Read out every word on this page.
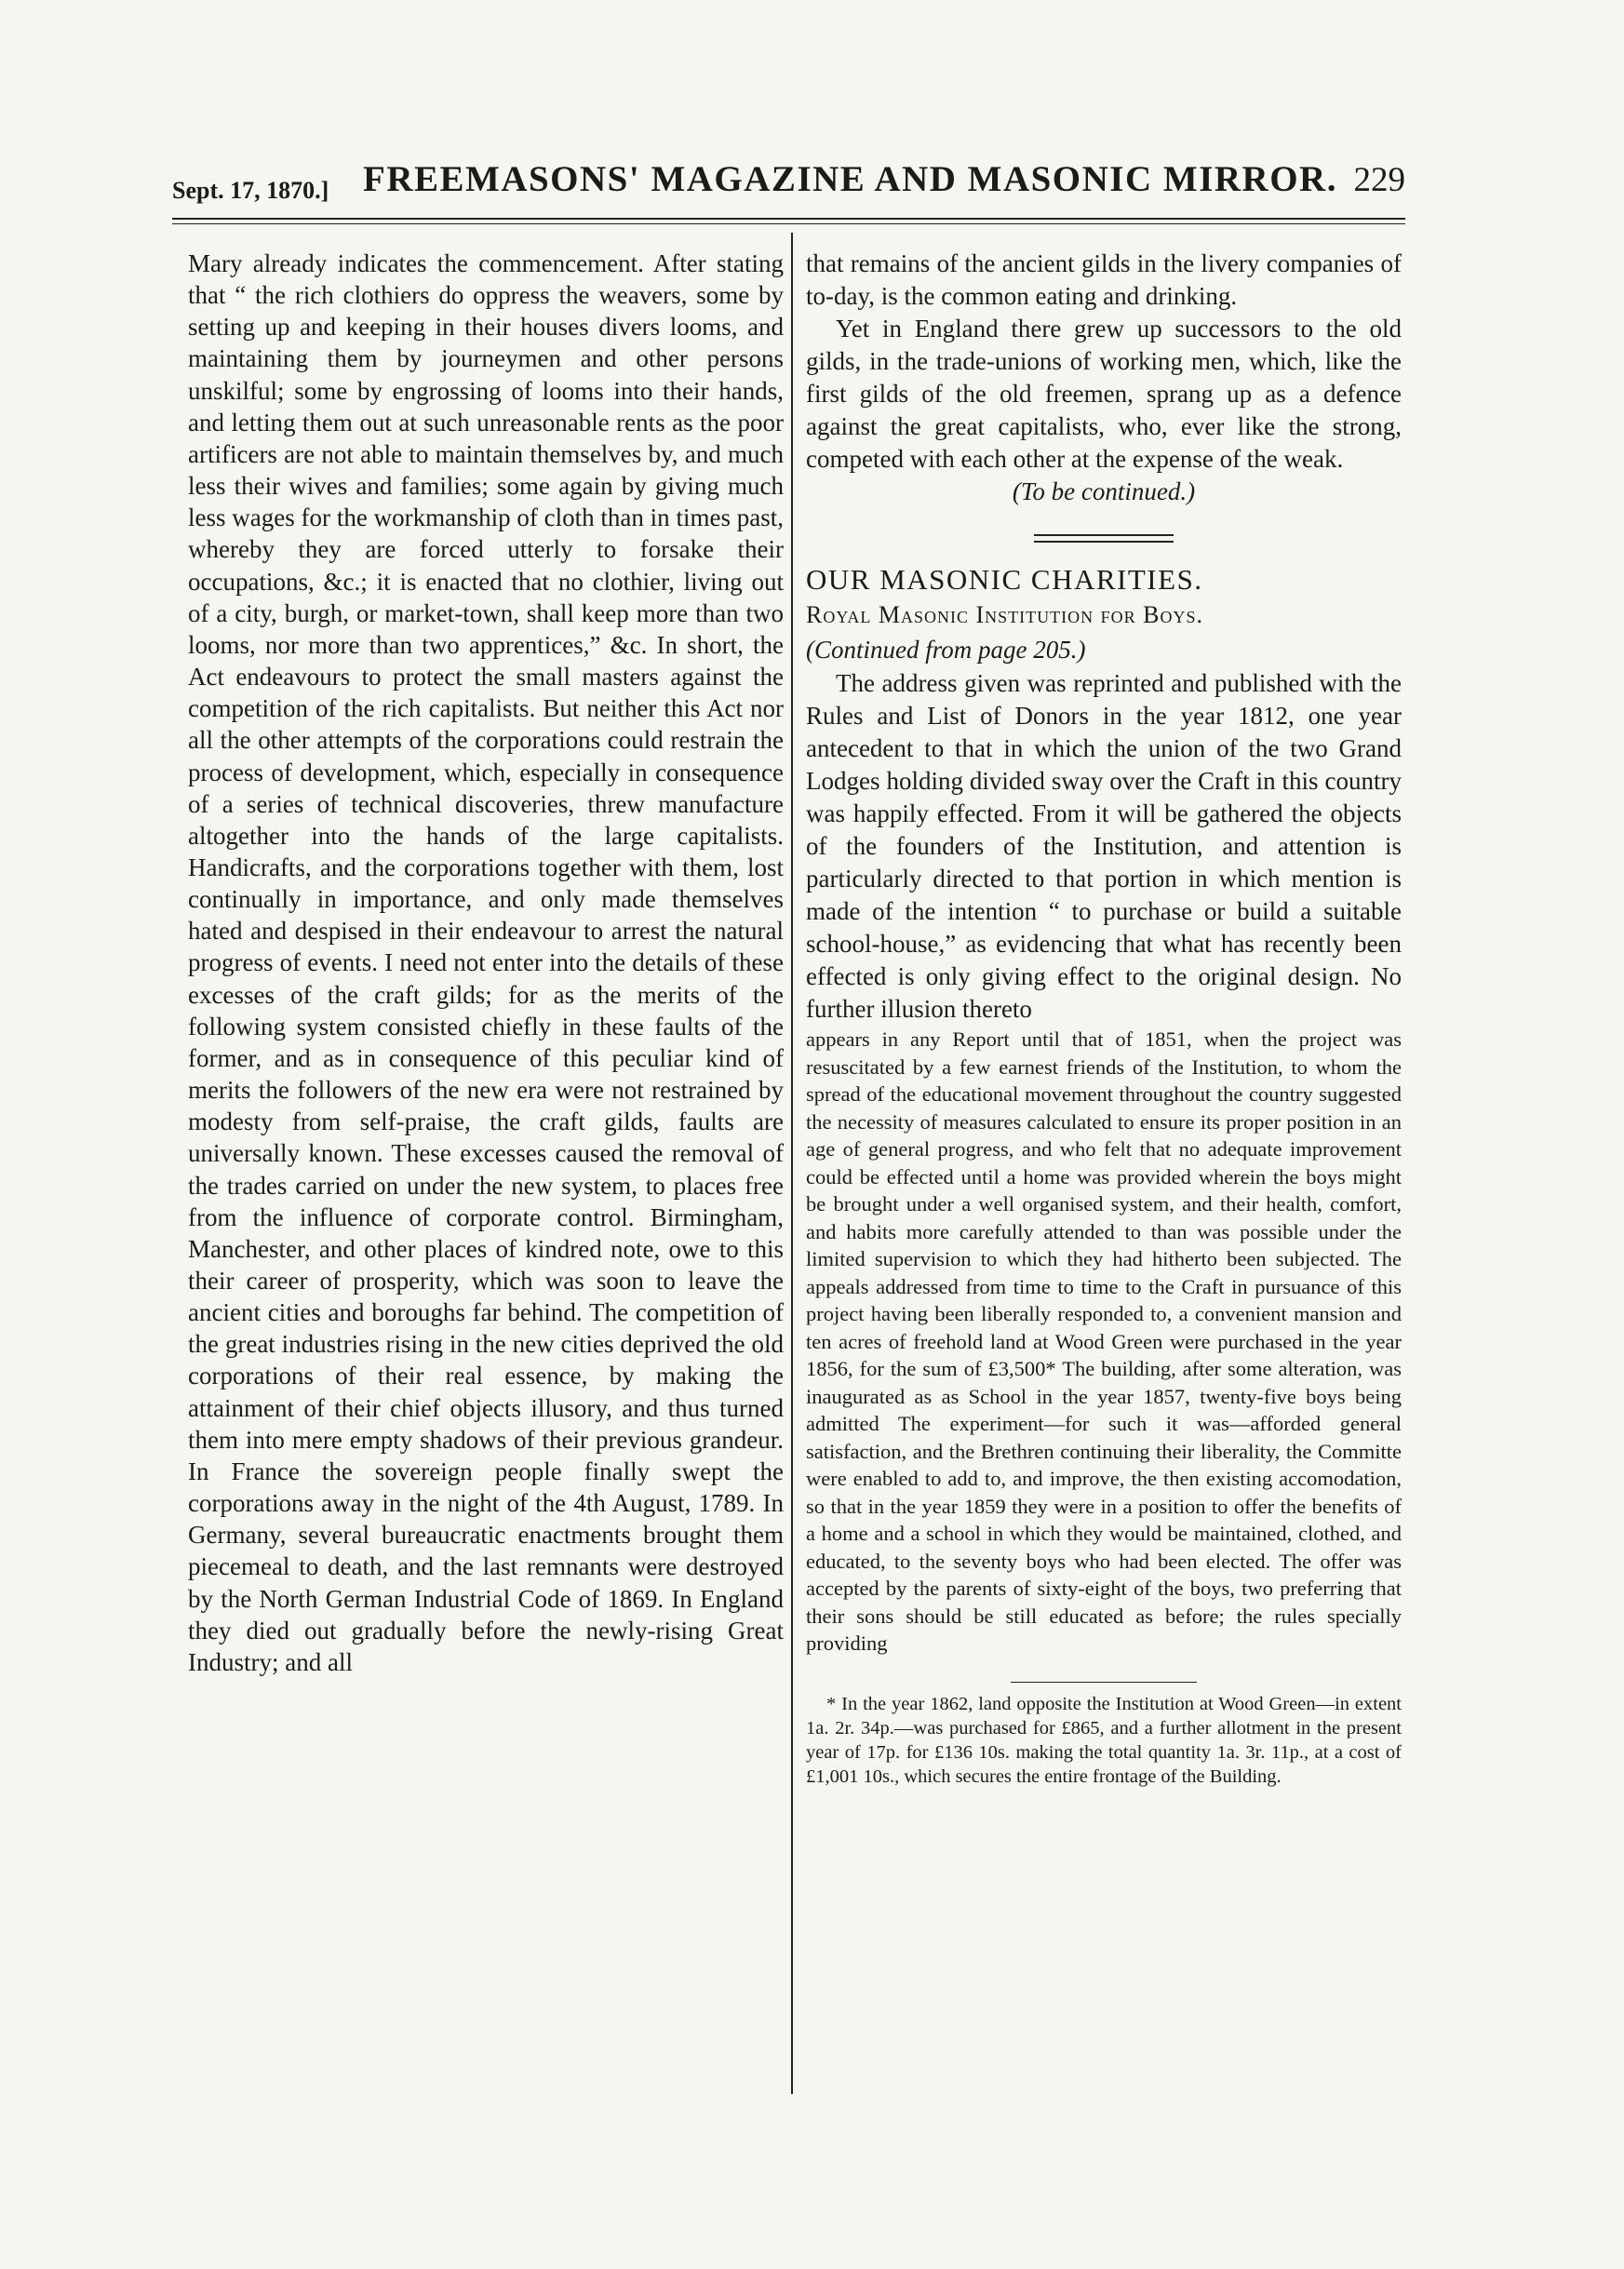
Sept. 17, 1870.] FREEMASONS' MAGAZINE AND MASONIC MIRROR. 229

Mary already indicates the commencement. After stating that “ the rich clothiers do oppress the weavers, some by setting up and keeping in their houses divers looms, and maintaining them by journeymen and other persons unskilful; some by engrossing of looms into their hands, and letting them out at such unreasonable rents as the poor artificers are not able to maintain themselves by, and much less their wives and families; some again by giving much less wages for the workmanship of cloth than in times past, whereby they are forced utterly to forsake their occupations, &c.; it is enacted that no clothier, living out of a city, burgh, or market-town, shall keep more than two looms, nor more than two apprentices,” &c. In short, the Act endeavours to protect the small masters against the competition of the rich capitalists. But neither this Act nor all the other attempts of the corporations could restrain the process of development, which, especially in consequence of a series of technical discoveries, threw manufacture altogether into the hands of the large capitalists. Handicrafts, and the corporations together with them, lost continually in importance, and only made themselves hated and despised in their endeavour to arrest the natural progress of events. I need not enter into the details of these excesses of the craft gilds; for as the merits of the following system consisted chiefly in these faults of the former, and as in consequence of this peculiar kind of merits the followers of the new era were not restrained by modesty from self-praise, the craft gilds, faults are universally known. These excesses caused the removal of the trades carried on under the new system, to places free from the influence of corporate control. Birmingham, Manchester, and other places of kindred note, owe to this their career of prosperity, which was soon to leave the ancient cities and boroughs far behind. The competition of the great industries rising in the new cities deprived the old corporations of their real essence, by making the attainment of their chief objects illusory, and thus turned them into mere empty shadows of their previous grandeur. In France the sovereign people finally swept the corporations away in the night of the 4th August, 1789. In Germany, several bureaucratic enactments brought them piecemeal to death, and the last remnants were destroyed by the North German Industrial Code of 1869. In England they died out gradually before the newly-rising Great Industry; and all

that remains of the ancient gilds in the livery companies of to-day, is the common eating and drinking.

Yet in England there grew up successors to the old gilds, in the trade-unions of working men, which, like the first gilds of the old freemen, sprang up as a defence against the great capitalists, who, ever like the strong, competed with each other at the expense of the weak.

(To be continued.)

OUR MASONIC CHARITIES.

Royal Masonic Institution for Boys.

(Continued from page 205.)

The address given was reprinted and published with the Rules and List of Donors in the year 1812, one year antecedent to that in which the union of the two Grand Lodges holding divided sway over the Craft in this country was happily effected. From it will be gathered the objects of the founders of the Institution, and attention is particularly directed to that portion in which mention is made of the intention “ to purchase or build a suitable school-house,” as evidencing that what has recently been effected is only giving effect to the original design. No further illusion thereto

appears in any Report until that of 1851, when the project was resuscitated by a few earnest friends of the Institution, to whom the spread of the educational movement throughout the country suggested the necessity of measures calculated to ensure its proper position in an age of general progress, and who felt that no adequate improvement could be effected until a home was provided wherein the boys might be brought under a well organised system, and their health, comfort, and habits more carefully attended to than was possible under the limited supervision to which they had hitherto been subjected. The appeals addressed from time to time to the Craft in pursuance of this project having been liberally responded to, a convenient mansion and ten acres of freehold land at Wood Green were purchased in the year 1856, for the sum of £3,500* The building, after some alteration, was inaugurated as as School in the year 1857, twenty-five boys being admitted The experiment—for such it was—afforded general satisfaction, and the Brethren continuing their liberality, the Committe were enabled to add to, and improve, the then existing accomodation, so that in the year 1859 they were in a position to offer the benefits of a home and a school in which they would be maintained, clothed, and educated, to the seventy boys who had been elected. The offer was accepted by the parents of sixty-eight of the boys, two preferring that their sons should be still educated as before; the rules specially providing

* In the year 1862, land opposite the Institution at Wood Green—in extent 1a. 2r. 34p.—was purchased for £865, and a further allotment in the present year of 17p. for £136 10s. making the total quantity 1a. 3r. 11p., at a cost of £1,001 10s., which secures the entire frontage of the Building.
